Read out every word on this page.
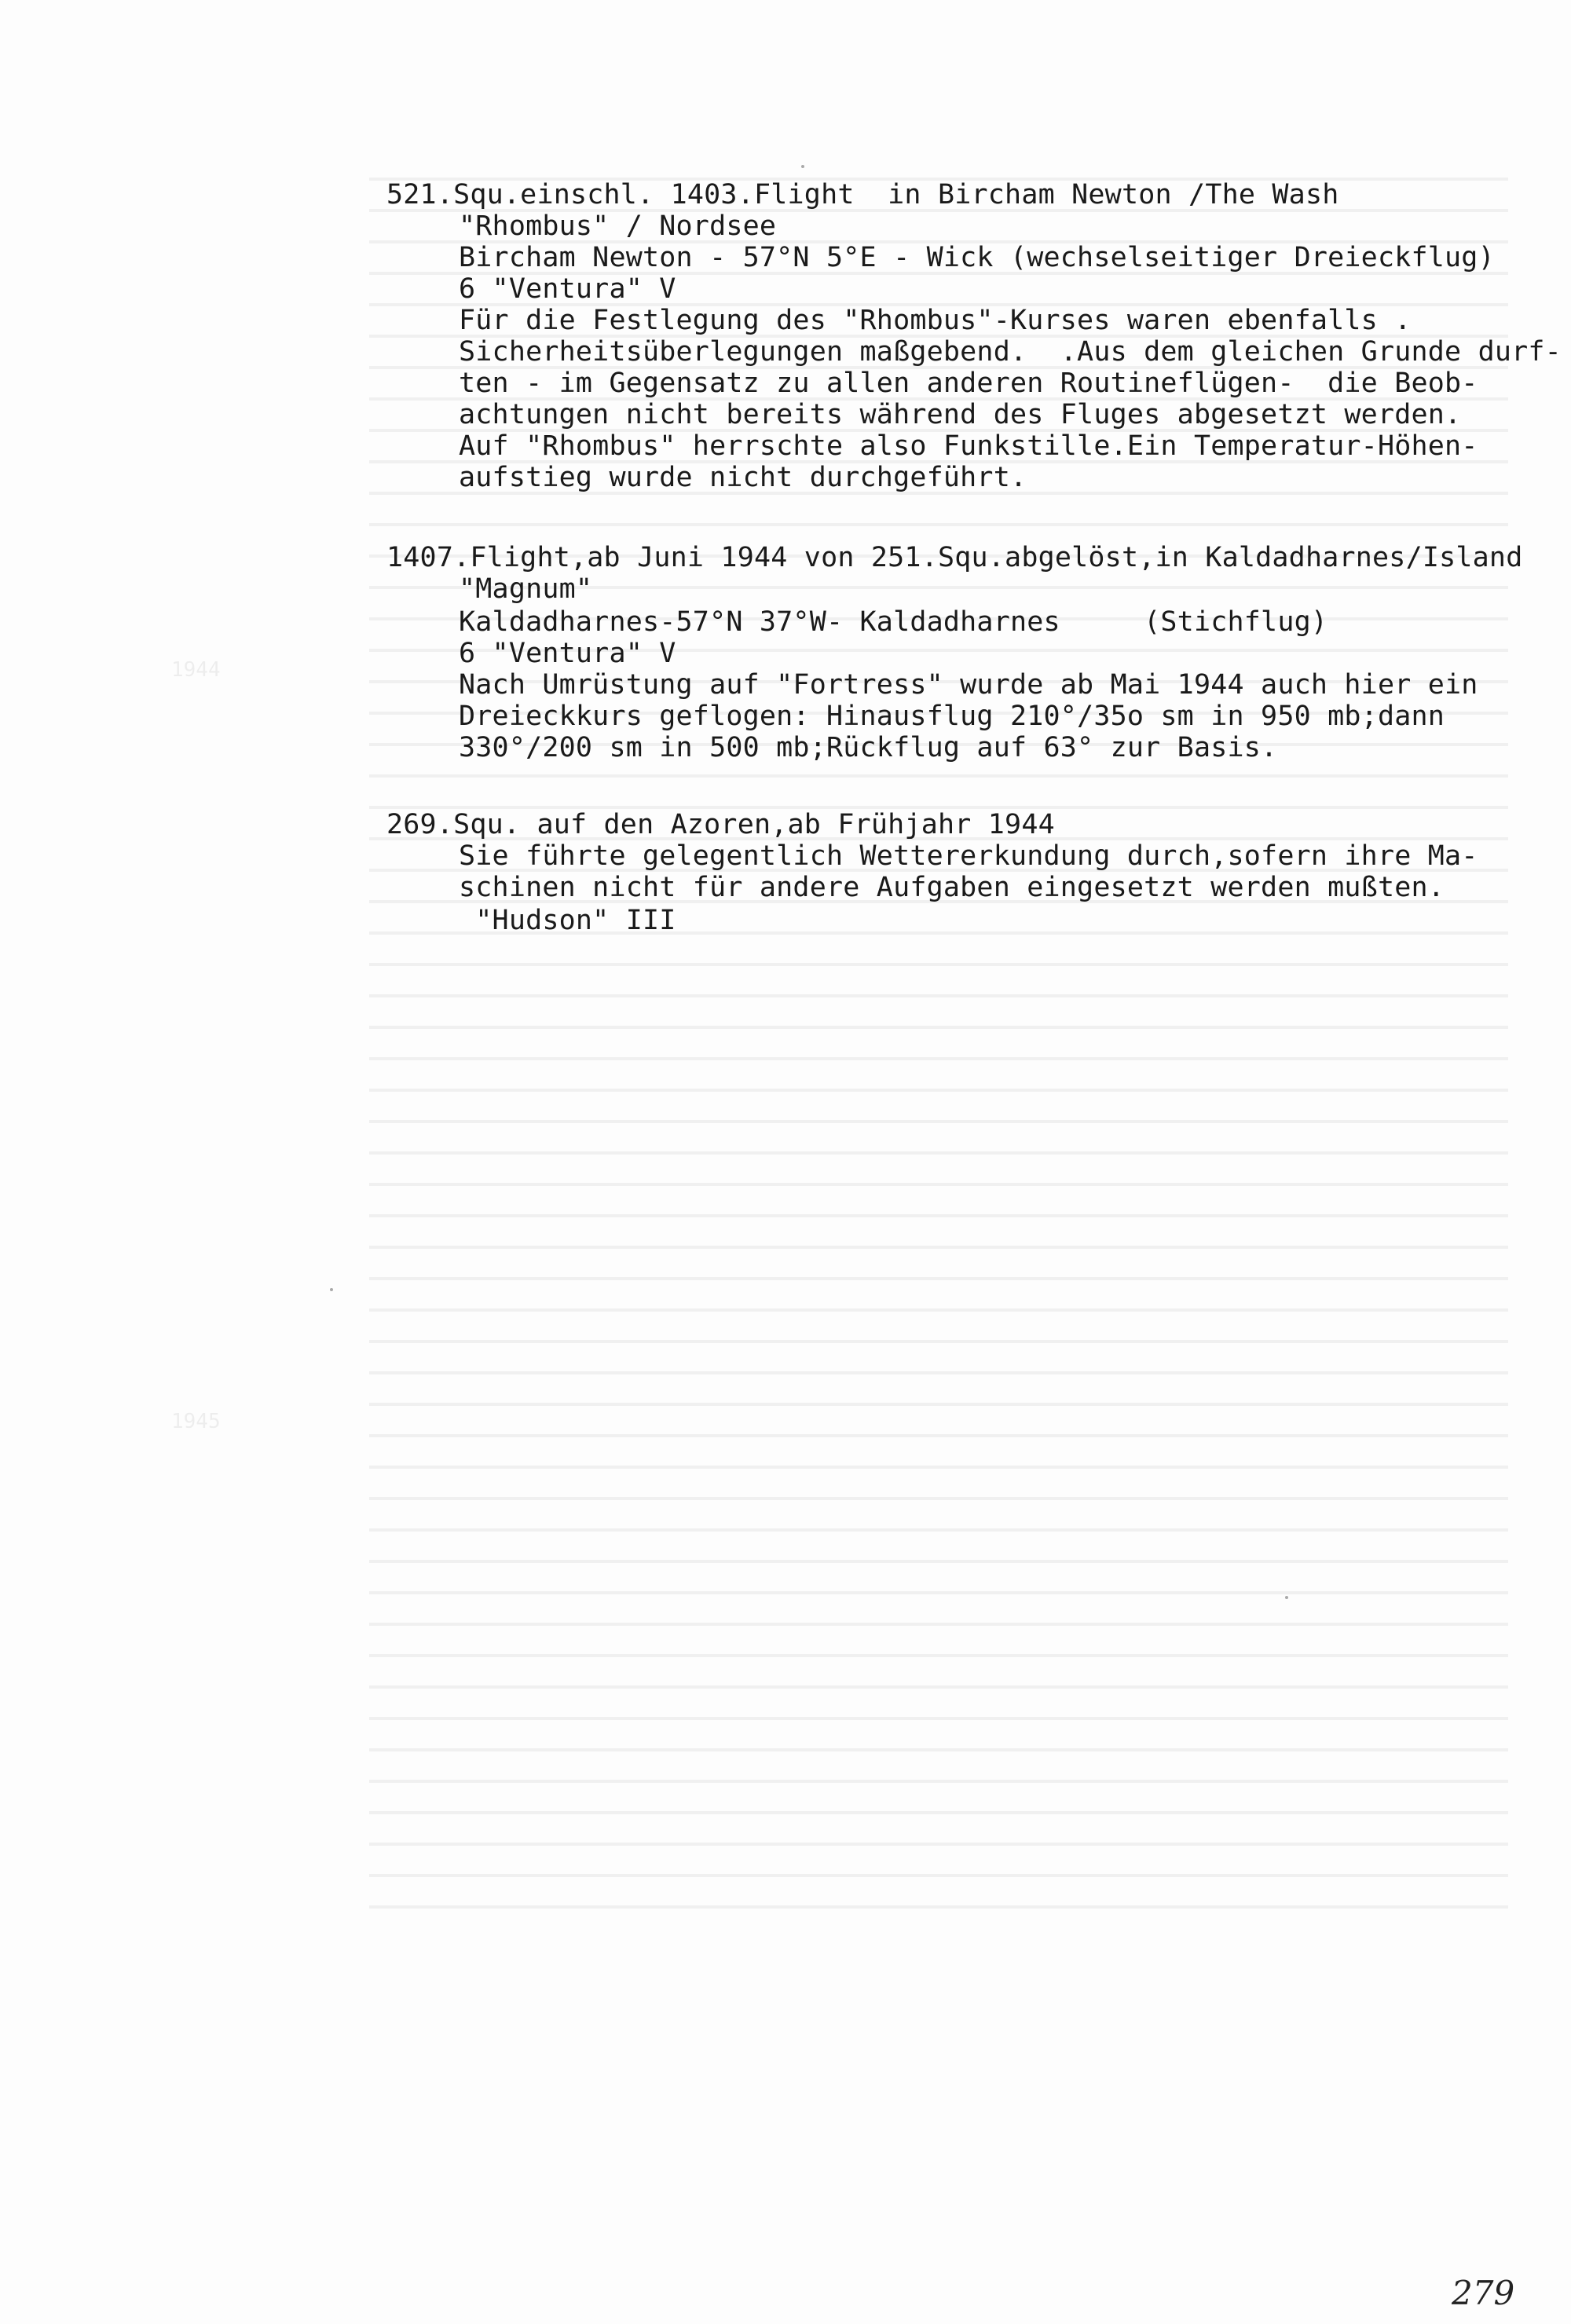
1944
1945
521.Squ.einschl. 1403.Flight  in Bircham Newton /The Wash
"Rhombus" / Nordsee
Bircham Newton - 57°N 5°E - Wick (wechselseitiger Dreieckflug)
6 "Ventura" V
Für die Festlegung des "Rhombus"-Kurses waren ebenfalls .
Sicherheitsüberlegungen maßgebend.  .Aus dem gleichen Grunde durf-
ten - im Gegensatz zu allen anderen Routineflügen-  die Beob-
achtungen nicht bereits während des Fluges abgesetzt werden.
Auf "Rhombus" herrschte also Funkstille.Ein Temperatur-Höhen-
aufstieg wurde nicht durchgeführt.
1407.Flight,ab Juni 1944 von 251.Squ.abgelöst,in Kaldadharnes/Island
"Magnum"
Kaldadharnes-57°N 37°W- Kaldadharnes     (Stichflug)
6 "Ventura" V
Nach Umrüstung auf "Fortress" wurde ab Mai 1944 auch hier ein
Dreieckkurs geflogen: Hinausflug 210°/35o sm in 950 mb;dann
330°/200 sm in 500 mb;Rückflug auf 63° zur Basis.
269.Squ. auf den Azoren,ab Frühjahr 1944
Sie führte gelegentlich Wettererkundung durch,sofern ihre Ma-
schinen nicht für andere Aufgaben eingesetzt werden mußten.
"Hudson" III
279
